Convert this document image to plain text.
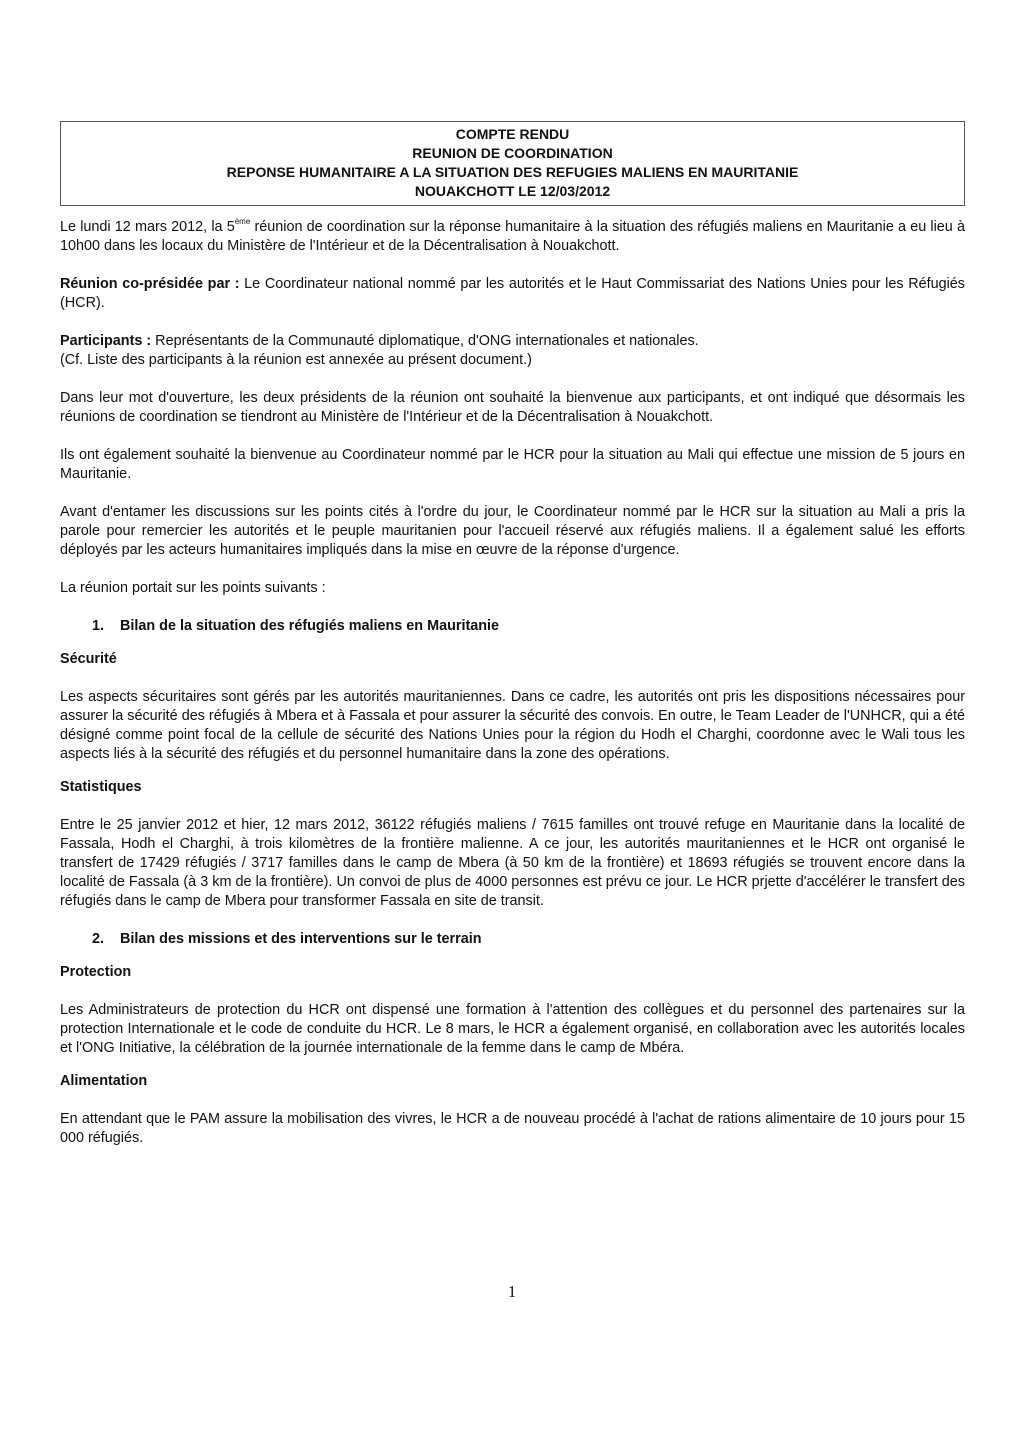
COMPTE RENDU
REUNION DE COORDINATION
REPONSE HUMANITAIRE A LA SITUATION DES REFUGIES MALIENS EN MAURITANIE
NOUAKCHOTT LE 12/03/2012

Le lundi 12 mars 2012, la 5ème réunion de coordination sur la réponse humanitaire à la situation des réfugiés maliens en Mauritanie a eu lieu à 10h00 dans les locaux du Ministère de l'Intérieur et de la Décentralisation à Nouakchott.

Réunion co-présidée par : Le Coordinateur national nommé par les autorités et le Haut Commissariat des Nations Unies pour les Réfugiés (HCR).

Participants : Représentants de la Communauté diplomatique, d'ONG internationales et nationales.

(Cf. Liste des participants à la réunion est annexée au présent document.)

Dans leur mot d'ouverture, les deux présidents de la réunion ont souhaité la bienvenue aux participants, et ont indiqué que désormais les réunions de coordination se tiendront au Ministère de l'Intérieur et de la Décentralisation à Nouakchott.

Ils ont également souhaité la bienvenue au Coordinateur nommé par le HCR pour la situation au Mali qui effectue une mission de 5 jours en Mauritanie.

Avant d'entamer les discussions sur les points cités à l'ordre du jour, le Coordinateur nommé par le HCR sur la situation au Mali a pris la parole pour remercier les autorités et le peuple mauritanien pour l'accueil réservé aux réfugiés maliens. Il a également salué les efforts déployés par les acteurs humanitaires impliqués dans la mise en œuvre de la réponse d'urgence.

La réunion portait sur les points suivants :

1. Bilan de la situation des réfugiés maliens en Mauritanie
Sécurité

Les aspects sécuritaires sont gérés par les autorités mauritaniennes. Dans ce cadre, les autorités ont pris les dispositions nécessaires pour assurer la sécurité des réfugiés à Mbera et à Fassala et pour assurer la sécurité des convois. En outre, le Team Leader de l'UNHCR, qui a été désigné comme point focal de la cellule de sécurité des Nations Unies pour la région du Hodh el Charghi, coordonne avec le Wali tous les aspects liés à la sécurité des réfugiés et du personnel humanitaire dans la zone des opérations.

Statistiques

Entre le 25 janvier 2012 et hier, 12 mars 2012, 36122 réfugiés maliens / 7615 familles ont trouvé refuge en Mauritanie dans la localité de Fassala, Hodh el Charghi, à trois kilomètres de la frontière malienne. A ce jour, les autorités mauritaniennes et le HCR ont organisé le transfert de 17429 réfugiés / 3717 familles dans le camp de Mbera (à 50 km de la frontière) et 18693 réfugiés se trouvent encore dans la localité de Fassala (à 3 km de la frontière). Un convoi de plus de 4000 personnes est prévu ce jour. Le HCR prjette d'accélérer le transfert des réfugiés dans le camp de Mbera pour transformer Fassala en site de transit.

2. Bilan des missions et des interventions sur le terrain
Protection

Les Administrateurs de protection du HCR ont dispensé une formation à l'attention des collègues et du personnel des partenaires sur la protection Internationale et le code de conduite du HCR. Le 8 mars, le HCR a également organisé, en collaboration avec les autorités locales et l'ONG Initiative, la célébration de la journée internationale de la femme dans le camp de Mbéra.

Alimentation

En attendant que le PAM assure la mobilisation des vivres, le HCR a de nouveau procédé à l'achat de rations alimentaire de 10 jours pour 15 000 réfugiés.

1
